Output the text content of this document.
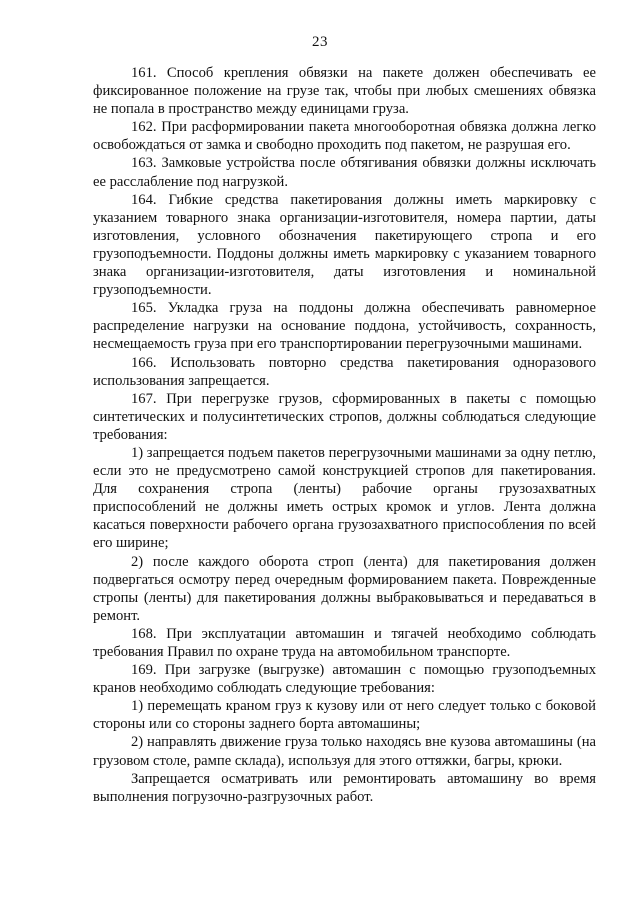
23

161. Способ крепления обвязки на пакете должен обеспечивать ее фиксированное положение на грузе так, чтобы при любых смешениях обвязка не попала в пространство между единицами груза.

162. При расформировании пакета многооборотная обвязка должна легко освобождаться от замка и свободно проходить под пакетом, не разрушая его.

163. Замковые устройства после обтягивания обвязки должны исключать ее расслабление под нагрузкой.

164. Гибкие средства пакетирования должны иметь маркировку с указанием товарного знака организации-изготовителя, номера партии, даты изготовления, условного обозначения пакетирующего стропа и его грузоподъемности. Поддоны должны иметь маркировку с указанием товарного знака организации-изготовителя, даты изготовления и номинальной грузоподъемности.

165. Укладка груза на поддоны должна обеспечивать равномерное распределение нагрузки на основание поддона, устойчивость, сохранность, несмещаемость груза при его транспортировании перегрузочными машинами.

166. Использовать повторно средства пакетирования одноразового использования запрещается.

167. При перегрузке грузов, сформированных в пакеты с помощью синтетических и полусинтетических стропов, должны соблюдаться следующие требования:

1) запрещается подъем пакетов перегрузочными машинами за одну петлю, если это не предусмотрено самой конструкцией стропов для пакетирования. Для сохранения стропа (ленты) рабочие органы грузозахватных приспособлений не должны иметь острых кромок и углов. Лента должна касаться поверхности рабочего органа грузозахватного приспособления по всей его ширине;

2) после каждого оборота строп (лента) для пакетирования должен подвергаться осмотру перед очередным формированием пакета. Поврежденные стропы (ленты) для пакетирования должны выбраковываться и передаваться в ремонт.

168. При эксплуатации автомашин и тягачей необходимо соблюдать требования Правил по охране труда на автомобильном транспорте.

169. При загрузке (выгрузке) автомашин с помощью грузоподъемных кранов необходимо соблюдать следующие требования:

1) перемещать краном груз к кузову или от него следует только с боковой стороны или со стороны заднего борта автомашины;

2) направлять движение груза только находясь вне кузова автомашины (на грузовом столе, рампе склада), используя для этого оттяжки, багры, крюки.

Запрещается осматривать или ремонтировать автомашину во время выполнения погрузочно-разгрузочных работ.
